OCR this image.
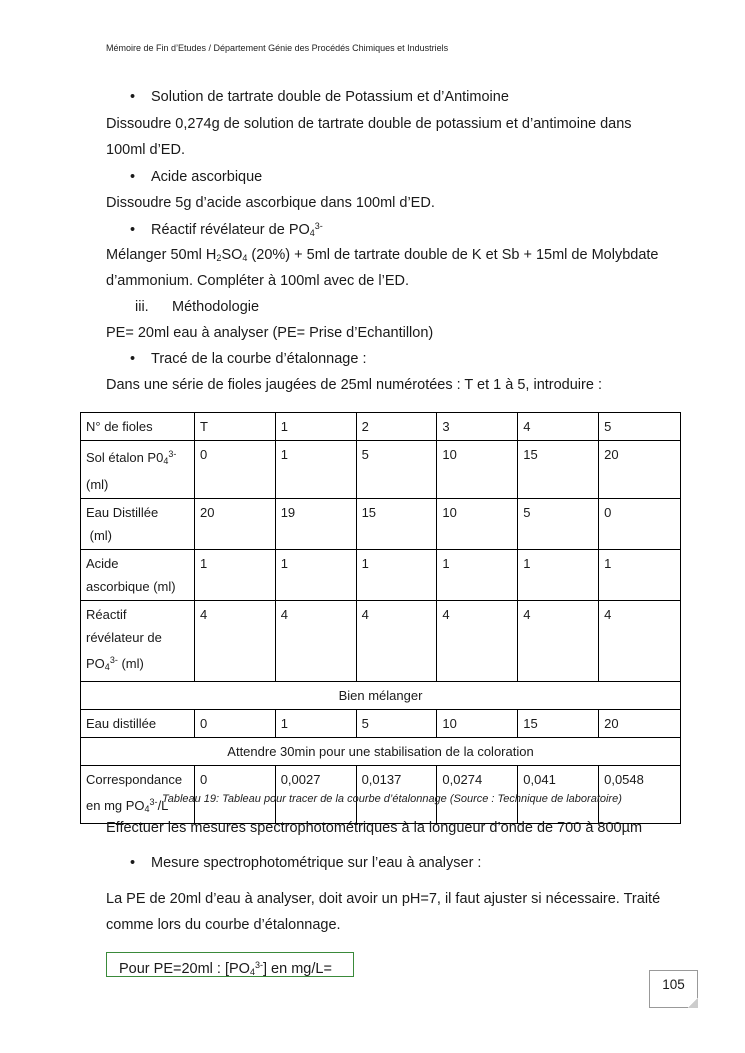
Mémoire de Fin d’Etudes / Département Génie des Procédés Chimiques et Industriels
• Solution de tartrate double de Potassium et d’Antimoine
Dissoudre 0,274g de solution de tartrate double de potassium et d’antimoine dans
100ml d’ED.
• Acide ascorbique
Dissoudre 5g d’acide ascorbique dans 100ml d’ED.
• Réactif révélateur de $PO4^{3-}$
Mélanger 50ml H2SO4 (20%) + 5ml de tartrate double de K et Sb + 15ml de Molybdate
d’ammonium. Compléter à 100ml avec de l’ED.
iii. Méthodologie
PE= 20ml eau à analyser (PE= Prise d’Echantillon)
• Tracé de la courbe d’étalonnage :
Dans une série de fioles jaugées de 25ml numérotées : T et 1 à 5, introduire :
N° de fioles	T	1	2	3	4	5
Sol étalon $P04^{3-}$
(ml)	0	1	5	10	15	20
Eau Distillée
(ml)	20	19	15	10	5	0
Acide
ascorbique (ml)	1	1	1	1	1	1
Réactif
révélateur de
$PO4^{3-}$ (ml)	4	4	4	4	4	4
Bien mélanger						
Eau distillée	0	1	5	10	15	20
Attendre 30min pour une stabilisation de la coloration						
Correspondance
en mg $PO4^{3-}/L$	0	0,0027	0,0137	0,0274	0,041	0,0548
Tableau 19: Tableau pour tracer de la courbe d’étalonnage (Source : Technique de laboratoire)
Effectuer les mesures spectrophotométriques à la longueur d’onde de 700 à 800µm
• Mesure spectrophotométrique sur l’eau à analyser :
La PE de 20ml d’eau à analyser, doit avoir un pH=7, il faut ajuster si nécessaire. Traité
comme lors du courbe d’étalonnage.
Pour PE=20ml : $[PO4^{3-}]$ en mg/L=
105
